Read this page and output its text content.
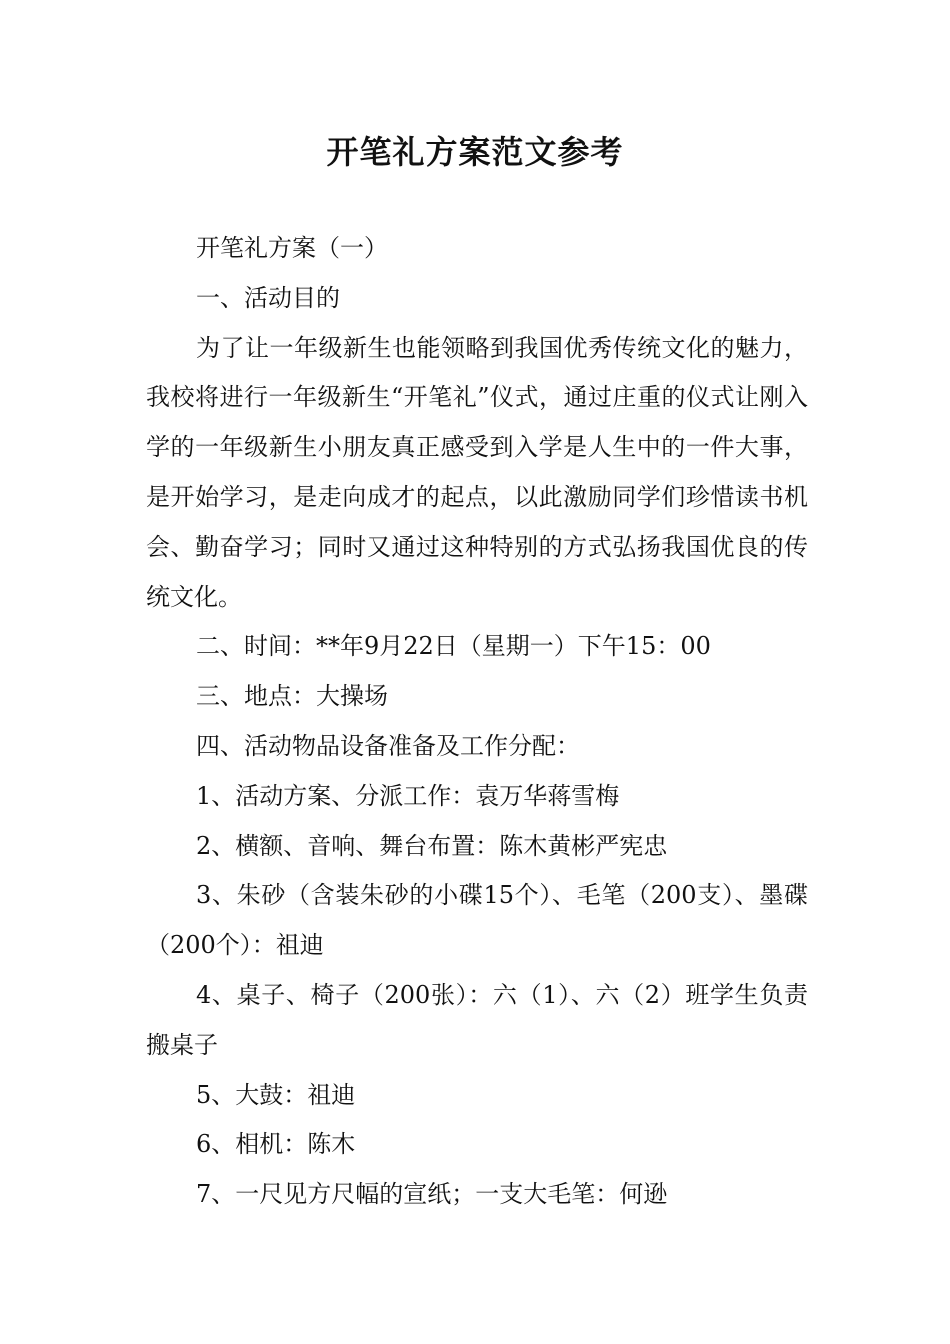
开笔礼方案范文参考

开笔礼方案（一）

一、活动目的

为了让一年级新生也能领略到我国优秀传统文化的魅力，我校将进行一年级新生“开笔礼”仪式，通过庄重的仪式让刚入学的一年级新生小朋友真正感受到入学是人生中的一件大事，是开始学习，是走向成才的起点，以此激励同学们珍惜读书机会、勤奋学习；同时又通过这种特别的方式弘扬我国优良的传统文化。

二、时间：**年9月22日（星期一）下午15：00

三、地点：大操场

四、活动物品设备准备及工作分配：

1、活动方案、分派工作：袁万华蒋雪梅

2、横额、音响、舞台布置：陈木黄彬严宪忠

3、朱砂（含装朱砂的小碟15个）、毛笔（200支）、墨碟（200个）：祖迪

4、桌子、椅子（200张）：六（1）、六（2）班学生负责搬桌子

5、大鼓：祖迪

6、相机：陈木

7、一尺见方尺幅的宣纸；一支大毛笔：何逊
